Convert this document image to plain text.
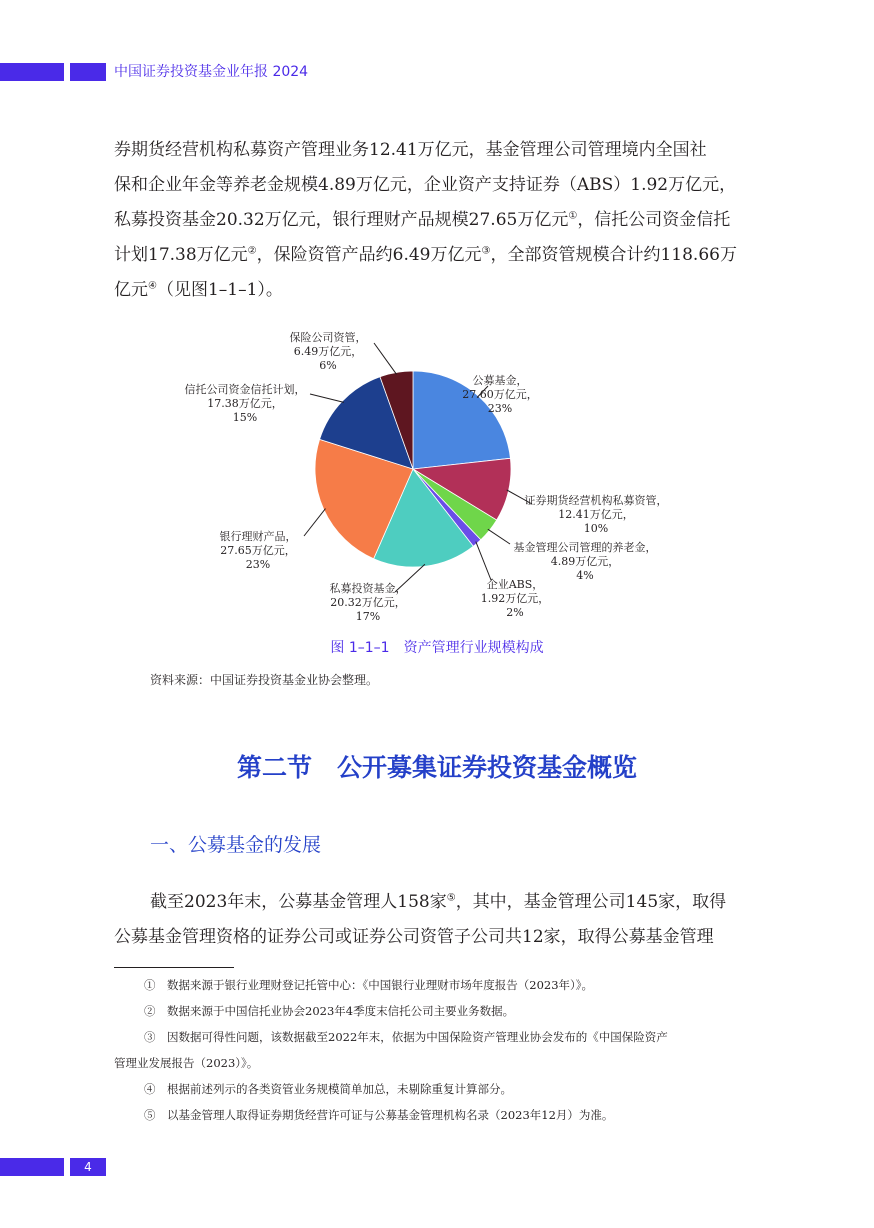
中国证券投资基金业年报 2024
券期货经营机构私募资产管理业务12.41万亿元，基金管理公司管理境内全国社
保和企业年金等养老金规模4.89万亿元，企业资产支持证券（ABS）1.92万亿元，
私募投资基金20.32万亿元，银行理财产品规模27.65万亿元①，信托公司资金信托
计划17.38万亿元②，保险资管产品约6.49万亿元③，全部资管规模合计约118.66万
亿元④（见图1–1–1）。
公募基金， 27.60万亿元， 23%
证券期货经营机构私募资管， 12.41万亿元， 10%
基金管理公司管理的养老金， 4.89万亿元， 4%
企业ABS， 1.92万亿元， 2%
私募投资基金， 20.32万亿元， 17%
银行理财产品， 27.65万亿元， 23%
信托公司资金信托计划， 17.38万亿元， 15%
保险公司资管， 6.49万亿元， 6%
图 1–1–1　资产管理行业规模构成
资料来源：中国证券投资基金业协会整理。
第二节　公开募集证券投资基金概览
一、公募基金的发展
截至2023年末，公募基金管理人158家⑤，其中，基金管理公司145家，取得
公募基金管理资格的证券公司或证券公司资管子公司共12家，取得公募基金管理
①　数据来源于银行业理财登记托管中心：《中国银行业理财市场年度报告（2023年）》。
②　数据来源于中国信托业协会2023年4季度末信托公司主要业务数据。
③　因数据可得性问题，该数据截至2022年末，依据为中国保险资产管理业协会发布的《中国保险资产
管理业发展报告（2023）》。
④　根据前述列示的各类资管业务规模简单加总，未剔除重复计算部分。
⑤　以基金管理人取得证券期货经营许可证与公募基金管理机构名录（2023年12月）为准。
4
